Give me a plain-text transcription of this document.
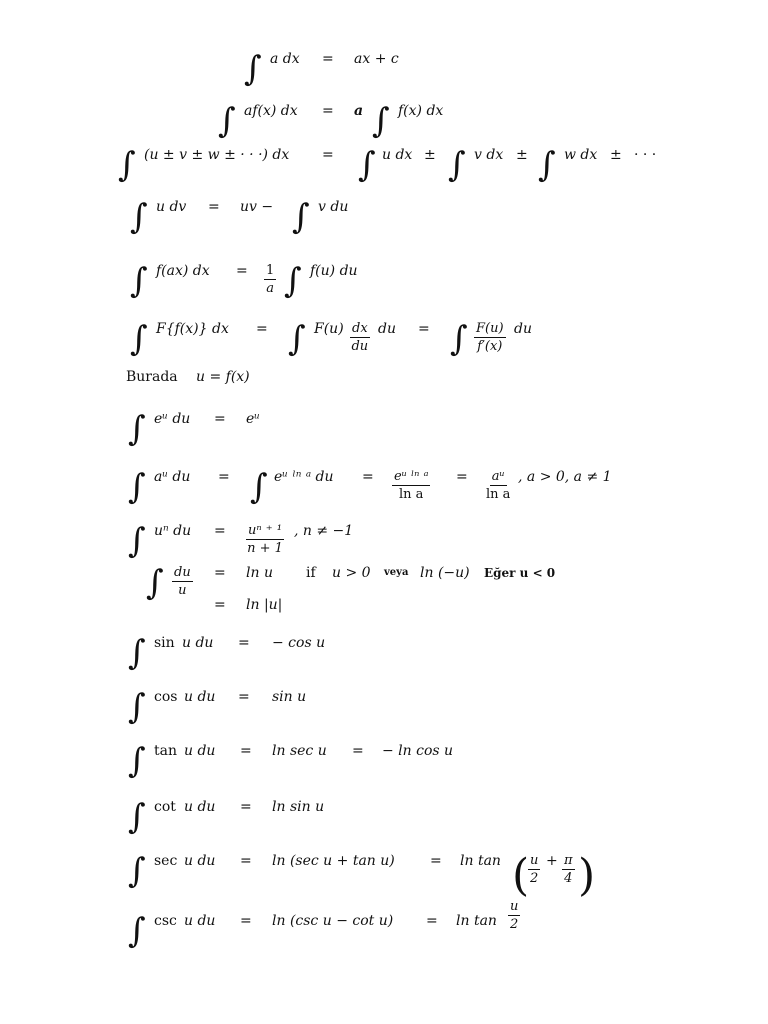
∫ a dx = ax + c
∫ af(x) dx = a ∫ f(x) dx
∫ (u ± v ± w ± · · ·) dx = ∫ u dx ± ∫ v dx ± ∫ w dx ± · · ·
∫ u dv = uv − ∫ v du
∫ f(ax) dx = $\frac{1}{a}$ ∫ f(u) du
∫ F{f(x)} dx = ∫ $F(u) \frac{dx}{du}$ du = ∫ $\frac{F(u)}{f'(x)}$ du
Burada u = f(x)
∫ eᵘ du = eᵘ
∫ aᵘ du = ∫ eᵘ ˡⁿ ᵃ du = $\frac{\text{eᵘ ˡⁿ ᵃ}}{\text{ln a}} = \frac{\text{aᵘ}}{\text{ln a}}$ , a > 0, a ≠ 1
∫ uⁿ du = $\frac{\text{uⁿ ⁺ ¹}}{n + 1}$ , n ≠ −1
∫ $\frac{du}{u} = \ln u$ if u > 0 veya ln (−u) Eğer u < 0
= ln |u|
∫ sin u du = − cos u
∫ cos u du = sin u
∫ tan u du = ln sec u = − ln cos u
∫ cot u du = ln sin u
∫ sec u du = ln (sec u + tan u)	= ln tan (
$\frac{u}{2} + \frac{\pi}{4}$ )
∫ csc u du = ln (csc $u - \cot u) = \ln \tan \frac{u}{2}$
